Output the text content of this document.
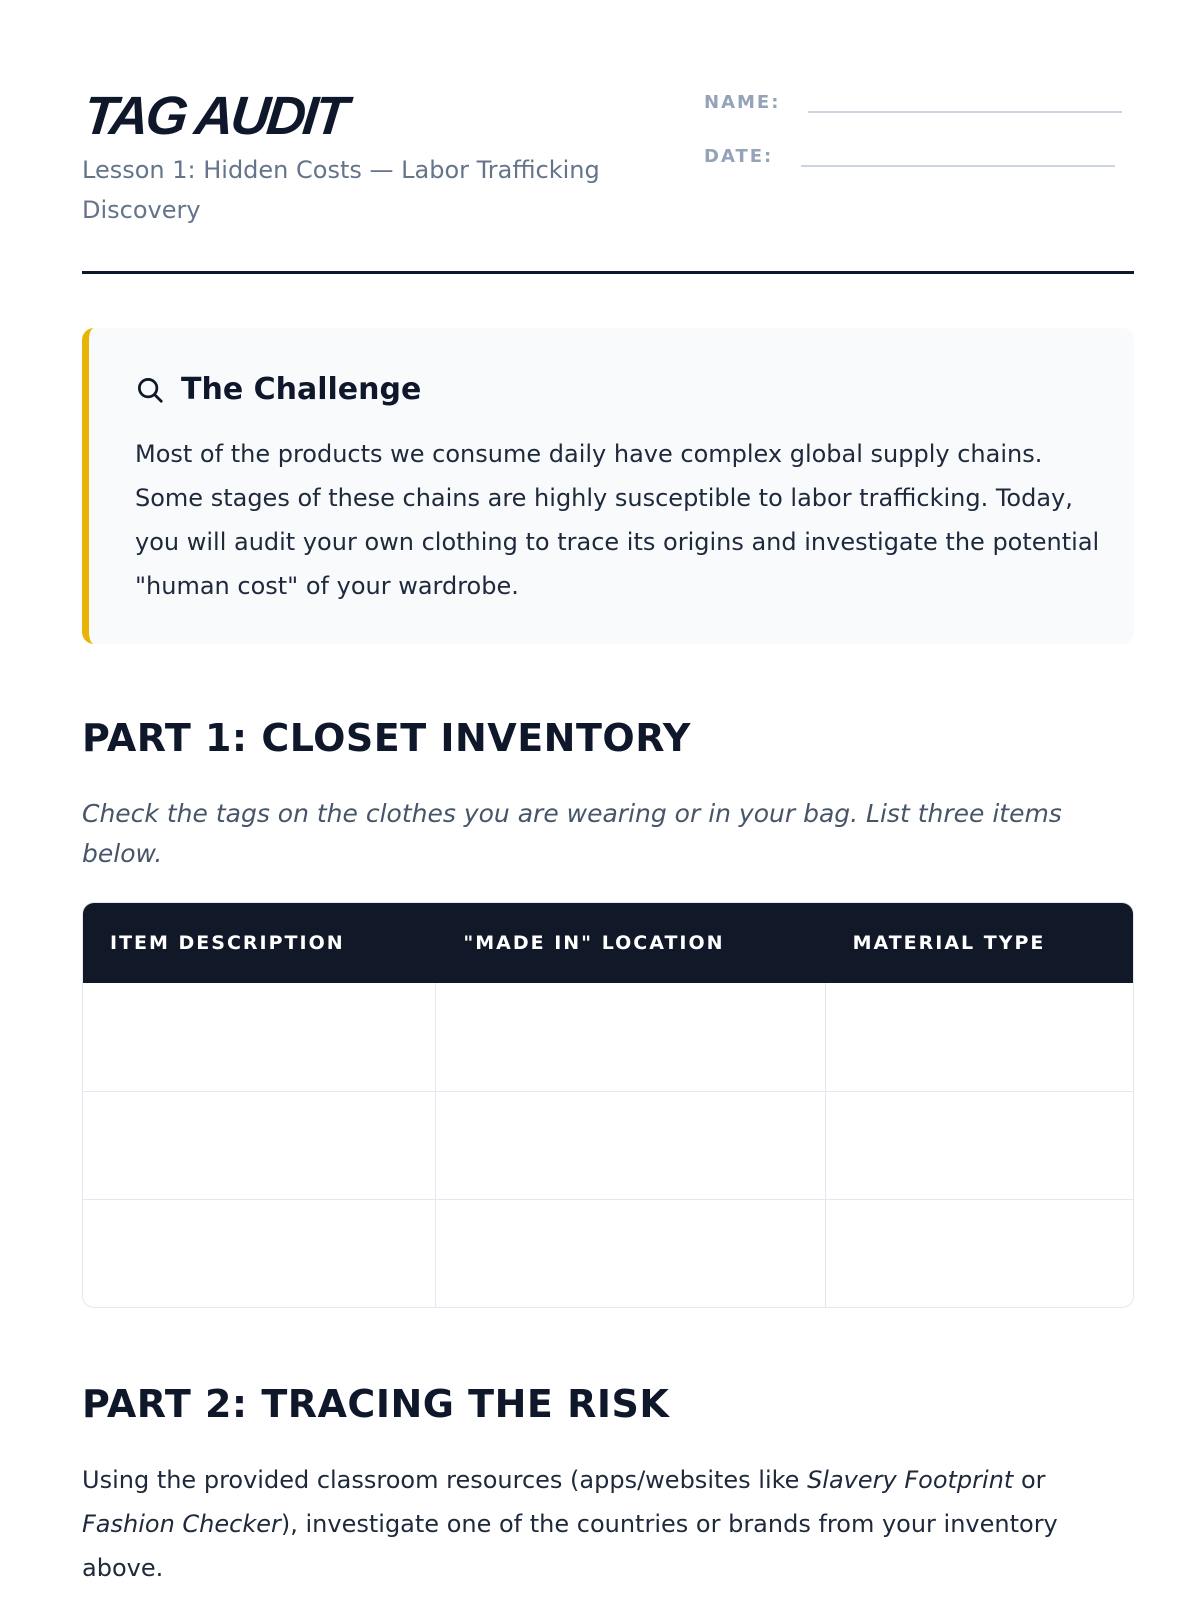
TAG AUDIT
Lesson 1: Hidden Costs — Labor Trafficking Discovery
NAME:
DATE:
The Challenge
Most of the products we consume daily have complex global supply chains. Some stages of these chains are highly susceptible to labor trafficking. Today, you will audit your own clothing to trace its origins and investigate the potential "human cost" of your wardrobe.
PART 1: CLOSET INVENTORY
Check the tags on the clothes you are wearing or in your bag. List three items below.
ITEM DESCRIPTION	"MADE IN" LOCATION	MATERIAL TYPE
PART 2: TRACING THE RISK
Using the provided classroom resources (apps/websites like Slavery Footprint or Fashion Checker), investigate one of the countries or brands from your inventory above.
